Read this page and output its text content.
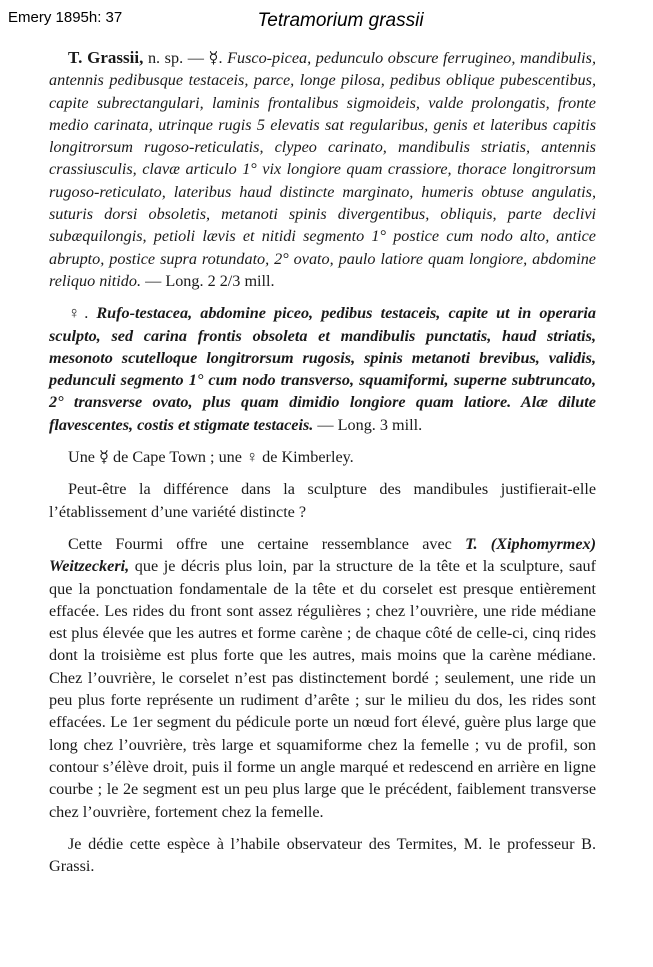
Emery 1895h: 37	Tetramorium grassii

T. Grassii, n. sp. — ☿. Fusco-picea, pedunculo obscure ferrugineo, mandibulis, antennis pedibusque testaceis, parce, longe pilosa, pedibus oblique pubescentibus, capite subrectangulari, laminis frontalibus sigmoideis, valde prolongatis, fronte medio carinata, utrinque rugis 5 elevatis sat regularibus, genis et lateribus capitis longitrorsum rugoso-reticulatis, clypeo carinato, mandibulis striatis, antennis crassiusculis, clavæ articulo 1° vix longiore quam crassiore, thorace longitrorsum rugoso-reticulato, lateribus haud distincte marginato, humeris obtuse angulatis, suturis dorsi obsoletis, metanoti spinis divergentibus, obliquis, parte declivi subæquilongis, petioli lævis et nitidi segmento 1° postice cum nodo alto, antice abrupto, postice supra rotundato, 2° ovato, paulo latiore quam longiore, abdomine reliquo nitido. — Long. 2 2/3 mill.

♀. Rufo-testacea, abdomine piceo, pedibus testaceis, capite ut in operaria sculpto, sed carina frontis obsoleta et mandibulis punctatis, haud striatis, mesonoto scutelloque longitrorsum rugosis, spinis metanoti brevibus, validis, pedunculi segmento 1° cum nodo transverso, squamiformi, superne subtruncato, 2° transverse ovato, plus quam dimidio longiore quam latiore. Alæ dilute flavescentes, costis et stigmate testaceis. — Long. 3 mill.

Une ☿ de Cape Town ; une ♀ de Kimberley.

Peut-être la différence dans la sculpture des mandibules justifierait-elle l’établissement d’une variété distincte ?

Cette Fourmi offre une certaine ressemblance avec T. (Xiphomyrmex) Weitzeckeri, que je décris plus loin, par la structure de la tête et la sculpture, sauf que la ponctuation fondamentale de la tête et du corselet est presque entièrement effacée. Les rides du front sont assez régulières ; chez l’ouvrière, une ride médiane est plus élevée que les autres et forme carène ; de chaque côté de celle-ci, cinq rides dont la troisième est plus forte que les autres, mais moins que la carène médiane. Chez l’ouvrière, le corselet n’est pas distinctement bordé ; seulement, une ride un peu plus forte représente un rudiment d’arête ; sur le milieu du dos, les rides sont effacées. Le 1er segment du pédicule porte un nœud fort élevé, guère plus large que long chez l’ouvrière, très large et squamiforme chez la femelle ; vu de profil, son contour s’élève droit, puis il forme un angle marqué et redescend en arrière en ligne courbe ; le 2e segment est un peu plus large que le précédent, faiblement transverse chez l’ouvrière, fortement chez la femelle.

Je dédie cette espèce à l’habile observateur des Termites, M. le professeur B. Grassi.
